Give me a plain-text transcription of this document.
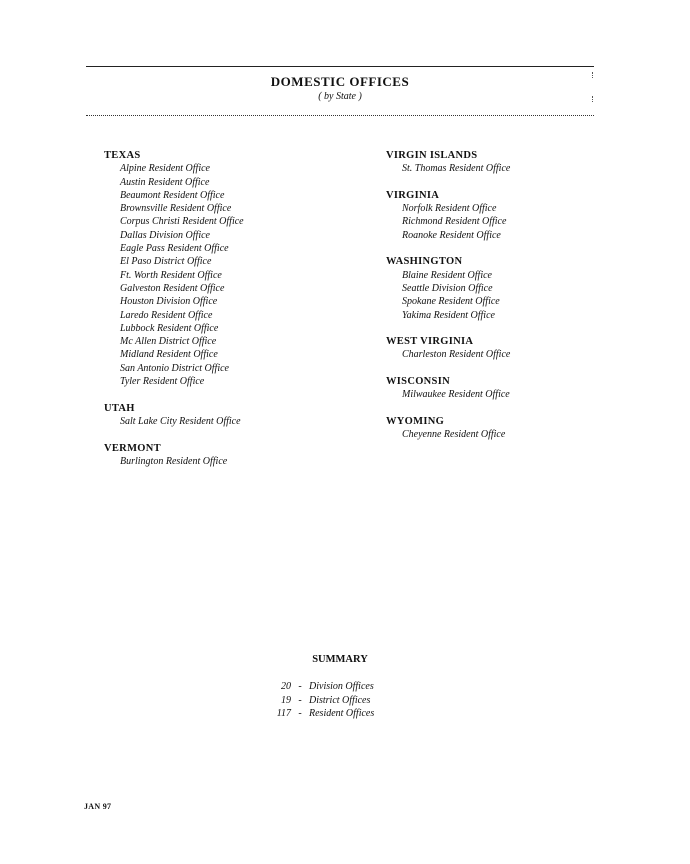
DOMESTIC OFFICES
( by State )
TEXAS
Alpine Resident Office
Austin Resident Office
Beaumont Resident Office
Brownsville Resident Office
Corpus Christi Resident Office
Dallas Division Office
Eagle Pass Resident Office
El Paso District Office
Ft. Worth Resident Office
Galveston Resident Office
Houston Division Office
Laredo Resident Office
Lubbock Resident Office
Mc Allen District Office
Midland Resident Office
San Antonio District Office
Tyler Resident Office
UTAH
Salt Lake City Resident Office
VERMONT
Burlington Resident Office
VIRGIN ISLANDS
St. Thomas Resident Office
VIRGINIA
Norfolk Resident Office
Richmond Resident Office
Roanoke Resident Office
WASHINGTON
Blaine Resident Office
Seattle Division Office
Spokane Resident Office
Yakima Resident Office
WEST VIRGINIA
Charleston Resident Office
WISCONSIN
Milwaukee Resident Office
WYOMING
Cheyenne Resident Office
SUMMARY
20 - Division Offices
19 - District Offices
117 - Resident Offices
JAN 97
